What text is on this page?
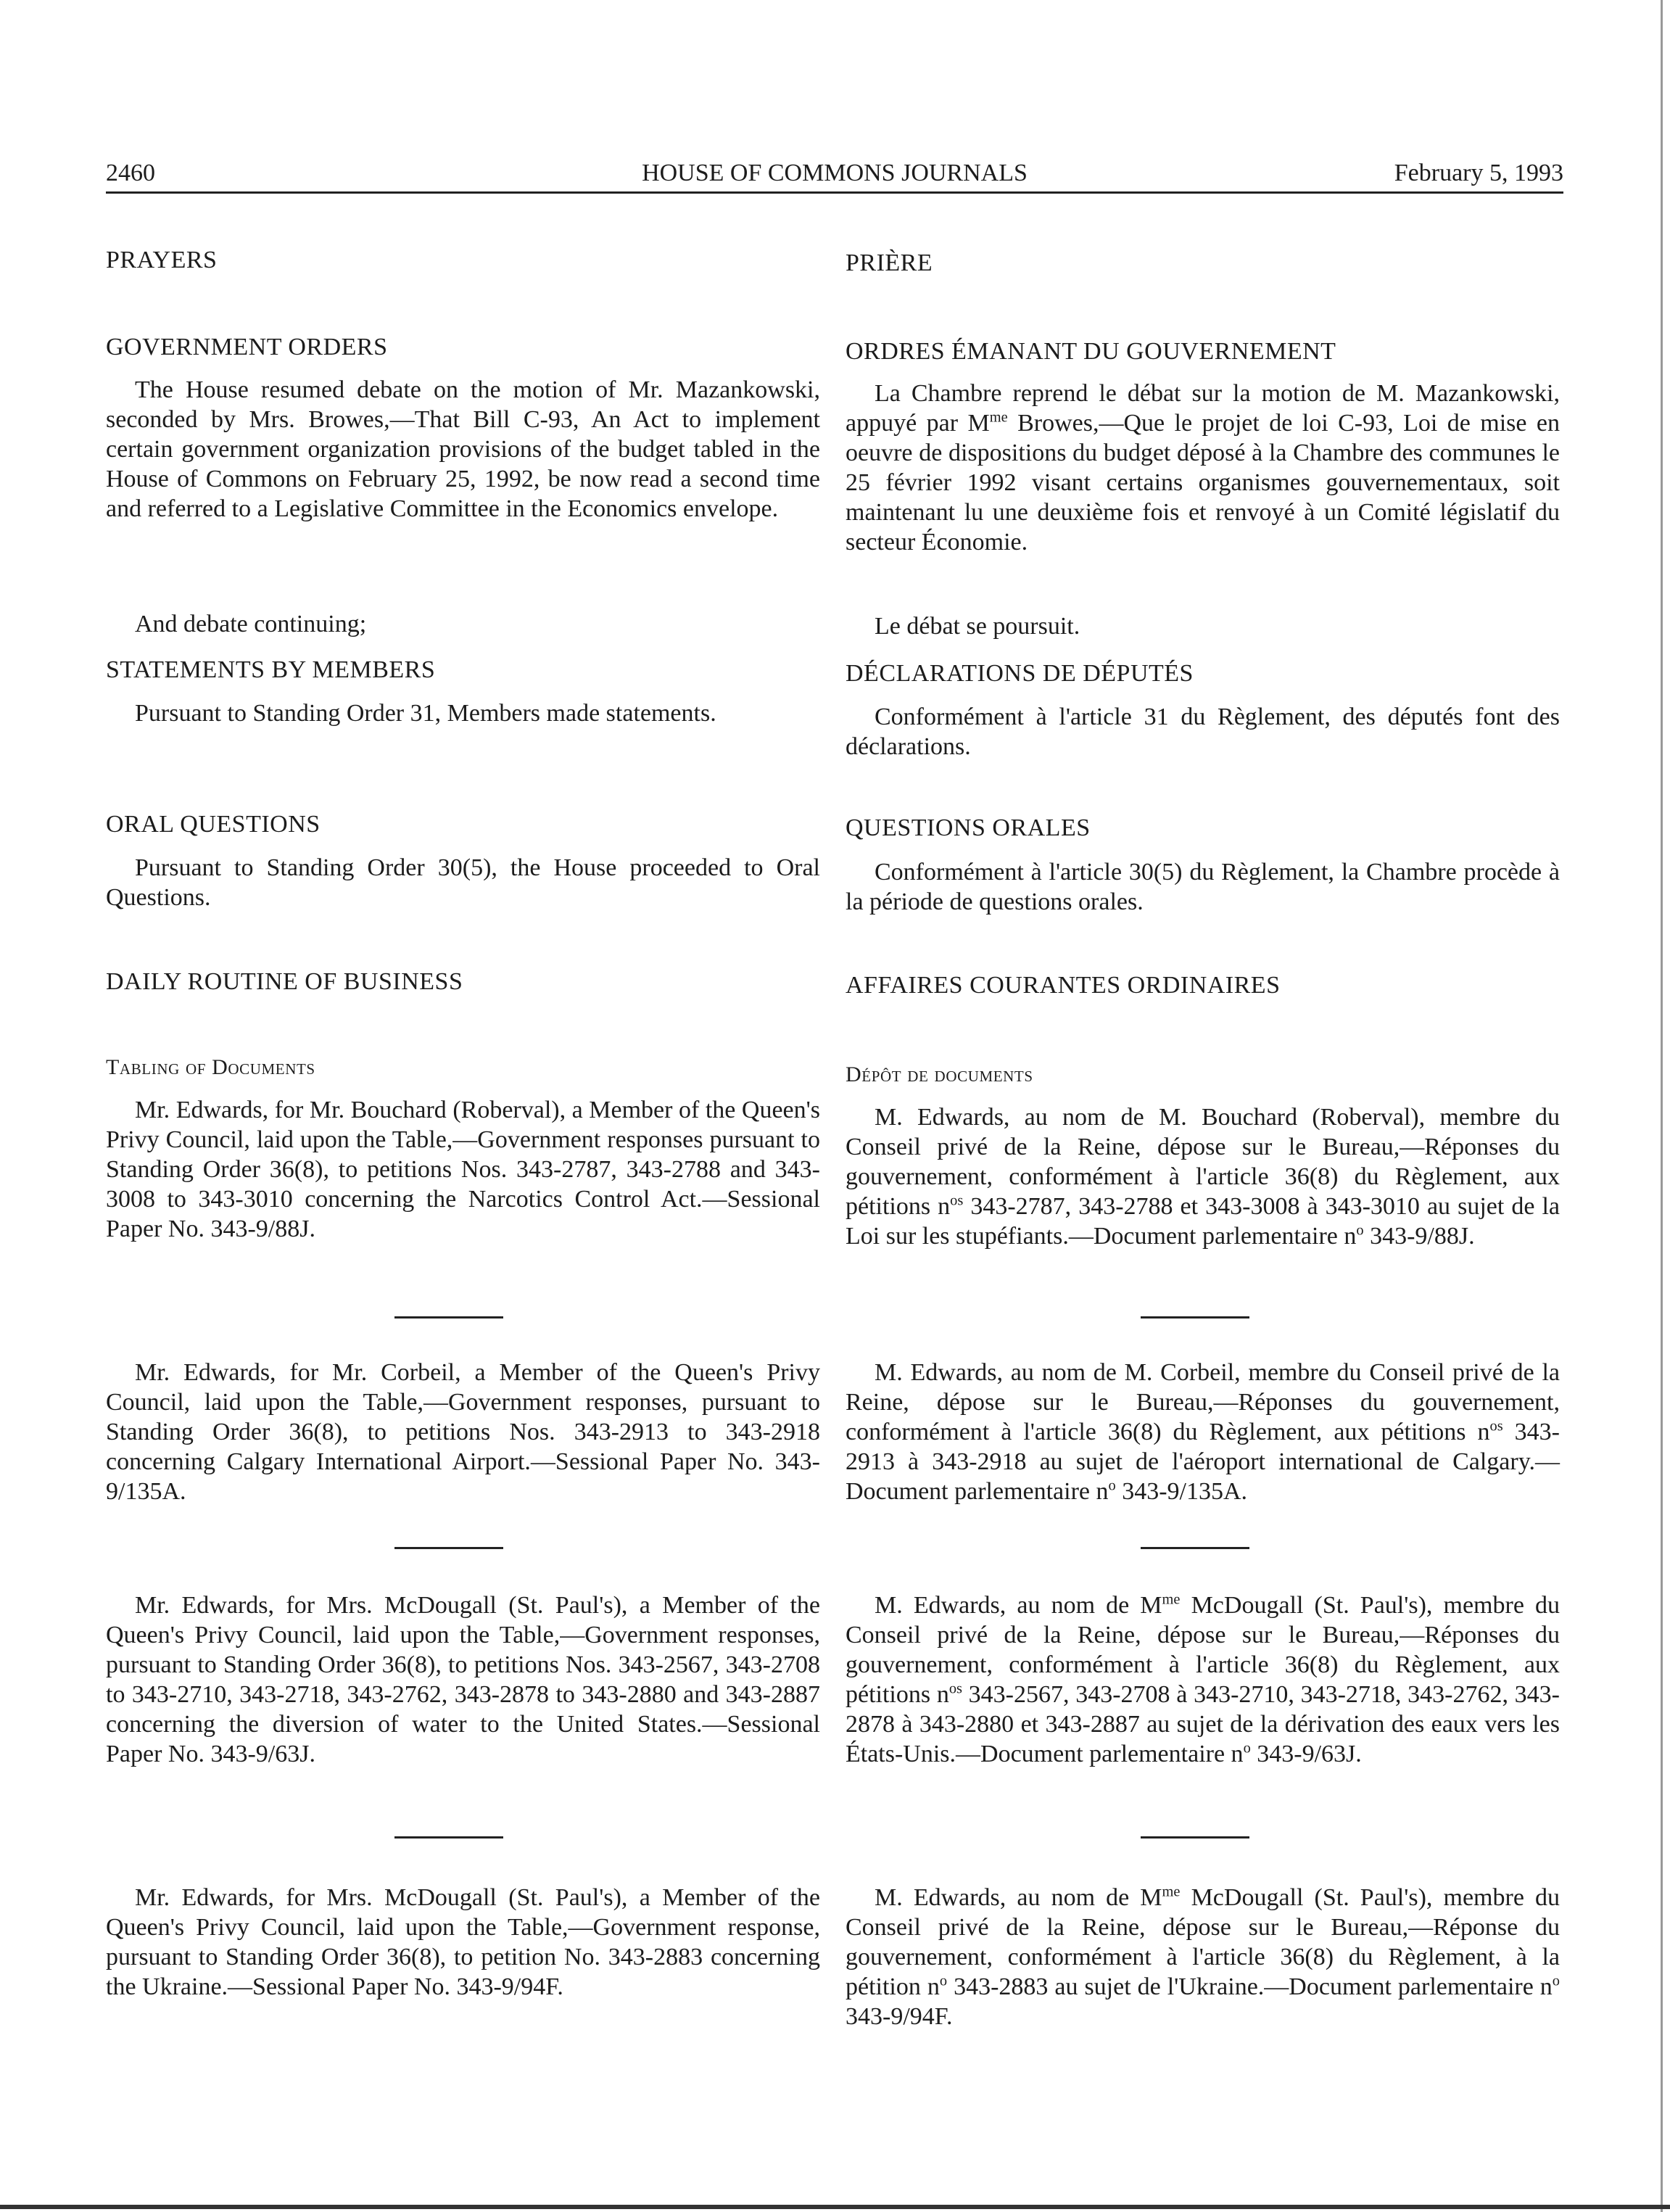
2460	HOUSE OF COMMONS JOURNALS	February 5, 1993
PRAYERS
GOVERNMENT ORDERS

The House resumed debate on the motion of Mr. Mazankowski, seconded by Mrs. Browes,—That Bill C-93, An Act to implement certain government organization provisions of the budget tabled in the House of Commons on February 25, 1992, be now read a second time and referred to a Legislative Committee in the Economics envelope.

And debate continuing;

STATEMENTS BY MEMBERS

Pursuant to Standing Order 31, Members made statements.

ORAL QUESTIONS

Pursuant to Standing Order 30(5), the House proceeded to Oral Questions.

DAILY ROUTINE OF BUSINESS
Tabling of Documents

Mr. Edwards, for Mr. Bouchard (Roberval), a Member of the Queen's Privy Council, laid upon the Table,—Government responses pursuant to Standing Order 36(8), to petitions Nos. 343-2787, 343-2788 and 343-3008 to 343-3010 concerning the Narcotics Control Act.—Sessional Paper No. 343-9/88J.

Mr. Edwards, for Mr. Corbeil, a Member of the Queen's Privy Council, laid upon the Table,—Government responses, pursuant to Standing Order 36(8), to petitions Nos. 343-2913 to 343-2918 concerning Calgary International Airport.—Sessional Paper No. 343-9/135A.

Mr. Edwards, for Mrs. McDougall (St. Paul's), a Member of the Queen's Privy Council, laid upon the Table,—Government responses, pursuant to Standing Order 36(8), to petitions Nos. 343-2567, 343-2708 to 343-2710, 343-2718, 343-2762, 343-2878 to 343-2880 and 343-2887 concerning the diversion of water to the United States.—Sessional Paper No. 343-9/63J.

Mr. Edwards, for Mrs. McDougall (St. Paul's), a Member of the Queen's Privy Council, laid upon the Table,—Government response, pursuant to Standing Order 36(8), to petition No. 343-2883 concerning the Ukraine.—Sessional Paper No. 343-9/94F.

PRIÈRE
ORDRES ÉMANANT DU GOUVERNEMENT

La Chambre reprend le débat sur la motion de M. Mazankowski, appuyé par $M^{me}$ Browes,—Que le projet de loi C-93, Loi de mise en oeuvre de dispositions du budget déposé à la Chambre des communes le 25 février 1992 visant certains organismes gouvernementaux, soit maintenant lu une deuxième fois et renvoyé à un Comité législatif du secteur Économie.

Le débat se poursuit.

DÉCLARATIONS DE DÉPUTÉS

Conformément à l'article 31 du Règlement, des députés font des déclarations.

QUESTIONS ORALES

Conformément à l'article 30(5) du Règlement, la Chambre procède à la période de questions orales.

AFFAIRES COURANTES ORDINAIRES
Dépôt de documents

M. Edwards, au nom de M. Bouchard (Roberval), membre du Conseil privé de la Reine, dépose sur le Bureau,—Réponses du gouvernement, conformément à l'article 36(8) du Règlement, aux pétitions $n^{os}$ 343-2787, 343-2788 et 343-3008 à 343-3010 au sujet de la Loi sur les stupéfiants.—Document parlementaire $n^o$ 343-9/88J.

M. Edwards, au nom de M. Corbeil, membre du Conseil privé de la Reine, dépose sur le Bureau,—Réponses du gouvernement, conformément à l'article 36(8) du Règlement, aux pétitions $n^{os}$ 343-2913 à 343-2918 au sujet de l'aéroport international de Calgary.—Document parlementaire $n^o$ 343-9/135A.

M. Edwards, au nom de $M^{me}$ McDougall (St. Paul's), membre du Conseil privé de la Reine, dépose sur le Bureau,—Réponses du gouvernement, conformément à l'article 36(8) du Règlement, aux pétitions $n^{os}$ 343-2567, 343-2708 à 343-2710, 343-2718, 343-2762, 343-2878 à 343-2880 et 343-2887 au sujet de la dérivation des eaux vers les États-Unis.—Document parlementaire $n^o$ 343-9/63J.

M. Edwards, au nom de $M^{me}$ McDougall (St. Paul's), membre du Conseil privé de la Reine, dépose sur le Bureau,—Réponse du gouvernement, conformément à l'article 36(8) du Règlement, à la pétition $n^o$ 343-2883 au sujet de l'Ukraine.—Document parlementaire $n^o$ 343-9/94F.
